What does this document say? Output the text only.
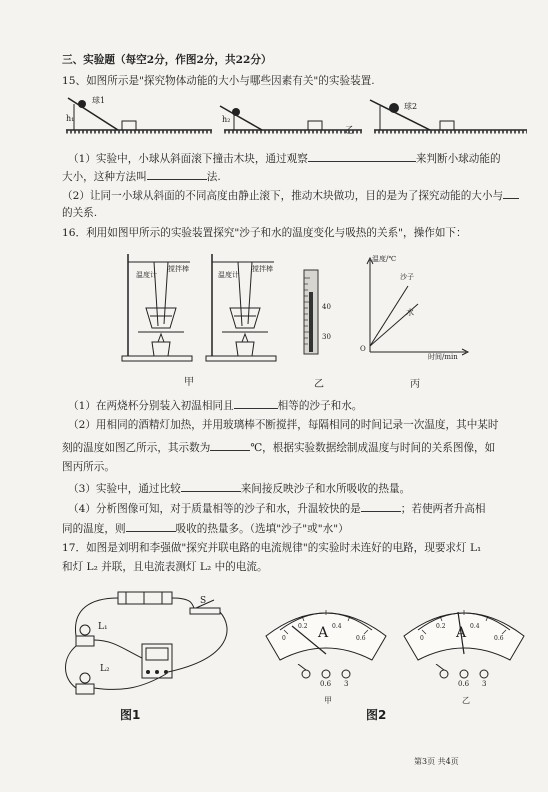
三、实验题（每空2分，作图2分，共22分）
15、如图所示是"探究物体动能的大小与哪些因素有关"的实验装置.
球1
h₁	h₂
球2
乙
（1）实验中，小球从斜面滚下撞击木块，通过观察	来判断小球动能的
大小，这种方法叫	法.
（2）让同一小球从斜面的不同高度由静止滚下，推动木块做功，目的是为了探究动能的大小与
的关系.
16．利用如图甲所示的实验装置探究"沙子和水的温度变化与吸热的关系"，操作如下：
温度计
搅拌棒
温度计
搅拌棒
40
30
温度/℃
沙子
水
O
时间/min
甲	乙	丙
（1）在两烧杯分别装入初温相同且	相等的沙子和水。
（2）用相同的酒精灯加热，并用玻璃棒不断搅拌，每隔相同的时间记录一次温度，其中某时
刻的温度如图乙所示，其示数为	℃，根据实验数据绘制成温度与时间的关系图像，如
图丙所示。
（3）实验中，通过比较	来间接反映沙子和水所吸收的热量。
（4）分析图像可知，对于质量相等的沙子和水，升温较快的是	；若使两者升高相
同的温度，则	吸收的热量多。（选填"沙子"或"水"）
17．如图是刘明和李强做"探究并联电路的电流规律"的实验时未连好的电路，现要求灯 L₁
和灯 L₂ 并联，且电流表测灯 L₂ 中的电流。
L₁
L₂
S
A
0
0.2	0.4
0.6
0.6 3
甲
A
0
0.2	0.4
0.6
0.6 3
乙
图1	图2
第3页 共4页
